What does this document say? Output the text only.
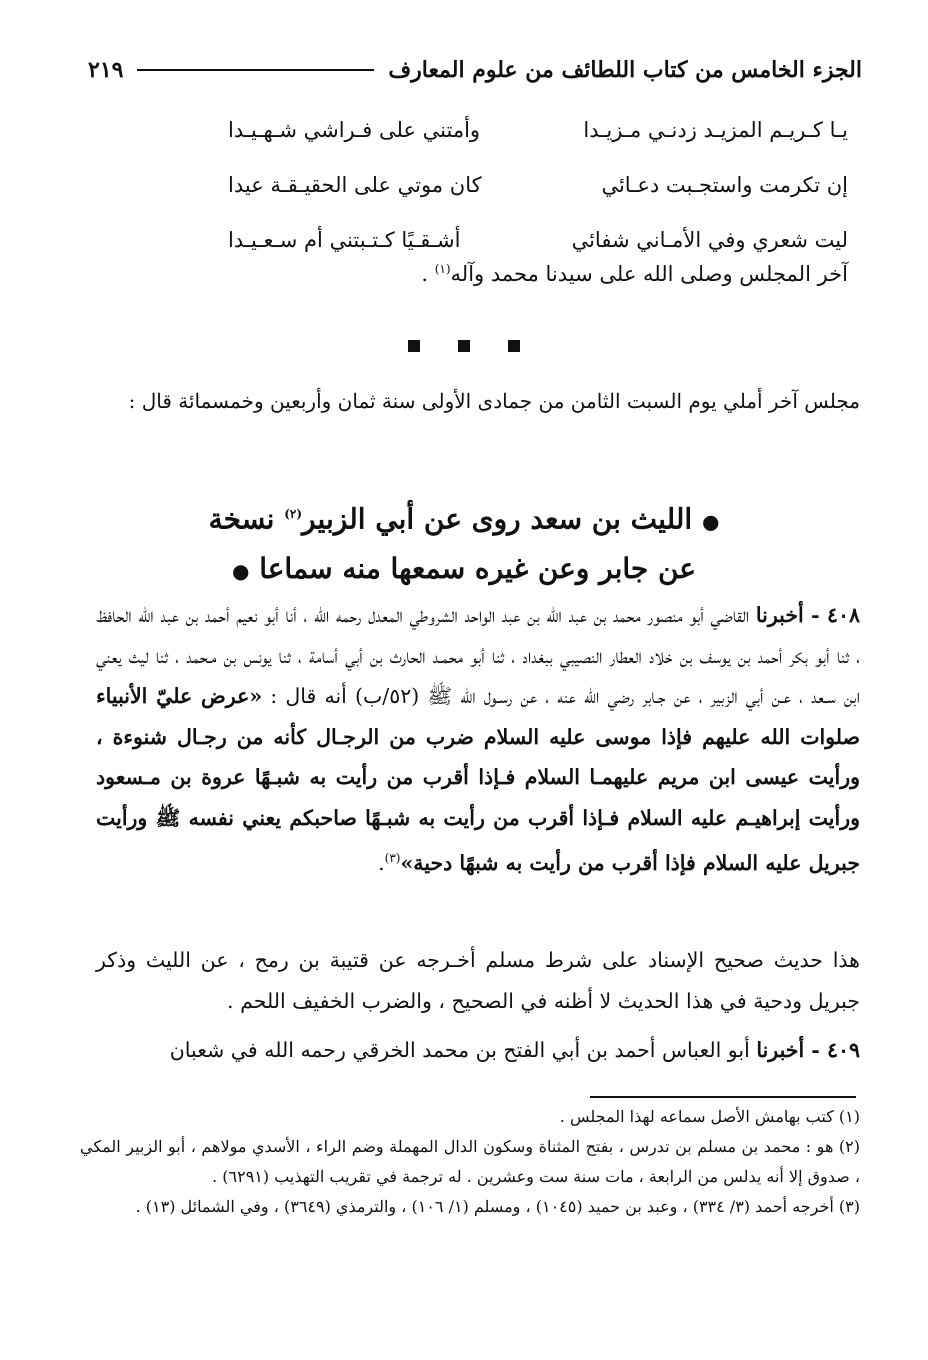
الجزء الخامس من كتاب اللطائف من علوم المعارف
٢١٩
يـا كـريـم المزيـد زدنـي مـزيـدا
وأمتني على فـراشي شـهـيـدا
إن تكرمت واستجـبت دعـائي
كان موتي على الحقيـقـة عيدا
ليت شعري وفي الأمـاني شفائي
أشـقـيًا كـتـبتني أم سـعـيـدا
آخر المجلس وصلى الله على سيدنا محمد وآله$^{(١)}$ .
مجلس آخر أملي يوم السبت الثامن من جمادى الأولى سنة ثمان وأربعين وخمسمائة قال :
● الليث بن سعد روى عن أبي الزبير$^{(٢)}$ نسخة
عن جابر وعن غيره سمعها منه سماعا ●

٤٠٨ - أخبرنا القاضي أبو منصور محمد بن عبد الله بن عبد الواحد الشروطي المعدل رحمه الله ، أنا أبو نعيم أحمد بن عبد الله الحافظ ، ثنا أبو بكر أحمد بن يوسف بن خلاد العطار النصيبي ببغداد ، ثنا أبو محمـد الحارث بن أبي أسامة ، ثنا يونس بن مـحمد ، ثنا ليث يعني ابن سـعد ، عـن أبي الزبير ، عن جـابر رضي الله عنه ، عن رسـول الله ﷺ (٥٢/ب) أنه قال : «عرض عليّ الأنبياء صلوات الله عليهم فإذا موسى عليه السلام ضرب من الرجـال كأنه من رجـال شنوءة ، ورأيت عيسى ابن مريم عليهمـا السلام فـإذا أقرب من رأيت به شبـهًا عروة بن مـسعود ورأيت إبراهيـم عليه السلام فـإذا أقرب من رأيت به شبـهًا صاحبكم يعني نفسه ﷺ ورأيت جبريل عليه السلام فإذا أقرب من رأيت به شبهًا دحية»$^{(٣)}$.

هذا حديث صحيح الإسناد على شرط مسلم أخـرجه عن قتيبة بن رمح ، عن الليث وذكر جبريل ودحية في هذا الحديث لا أظنه في الصحيح ، والضرب الخفيف اللحم .
٤٠٩ - أخبرنا أبو العباس أحمد بن أبي الفتح بن محمد الخرقي رحمه الله في شعبان

(١) كتب بهامش الأصل سماعه لهذا المجلس .

(٢) هو : محمد بن مسلم بن تدرس ، بفتح المثناة وسكون الدال المهملة وضم الراء ، الأسدي مولاهم ، أبو الزبير المكي ، صدوق إلا أنه يدلس من الرابعة ، مات سنة ست وعشرين . له ترجمة في تقريب التهذيب (٦٢٩١) .

(٣) أخرجه أحمد (٣/ ٣٣٤) ، وعبد بن حميد (١٠٤٥) ، ومسلم (١/ ١٠٦) ، والترمذي (٣٦٤٩) ، وفي الشمائل (١٣) .
